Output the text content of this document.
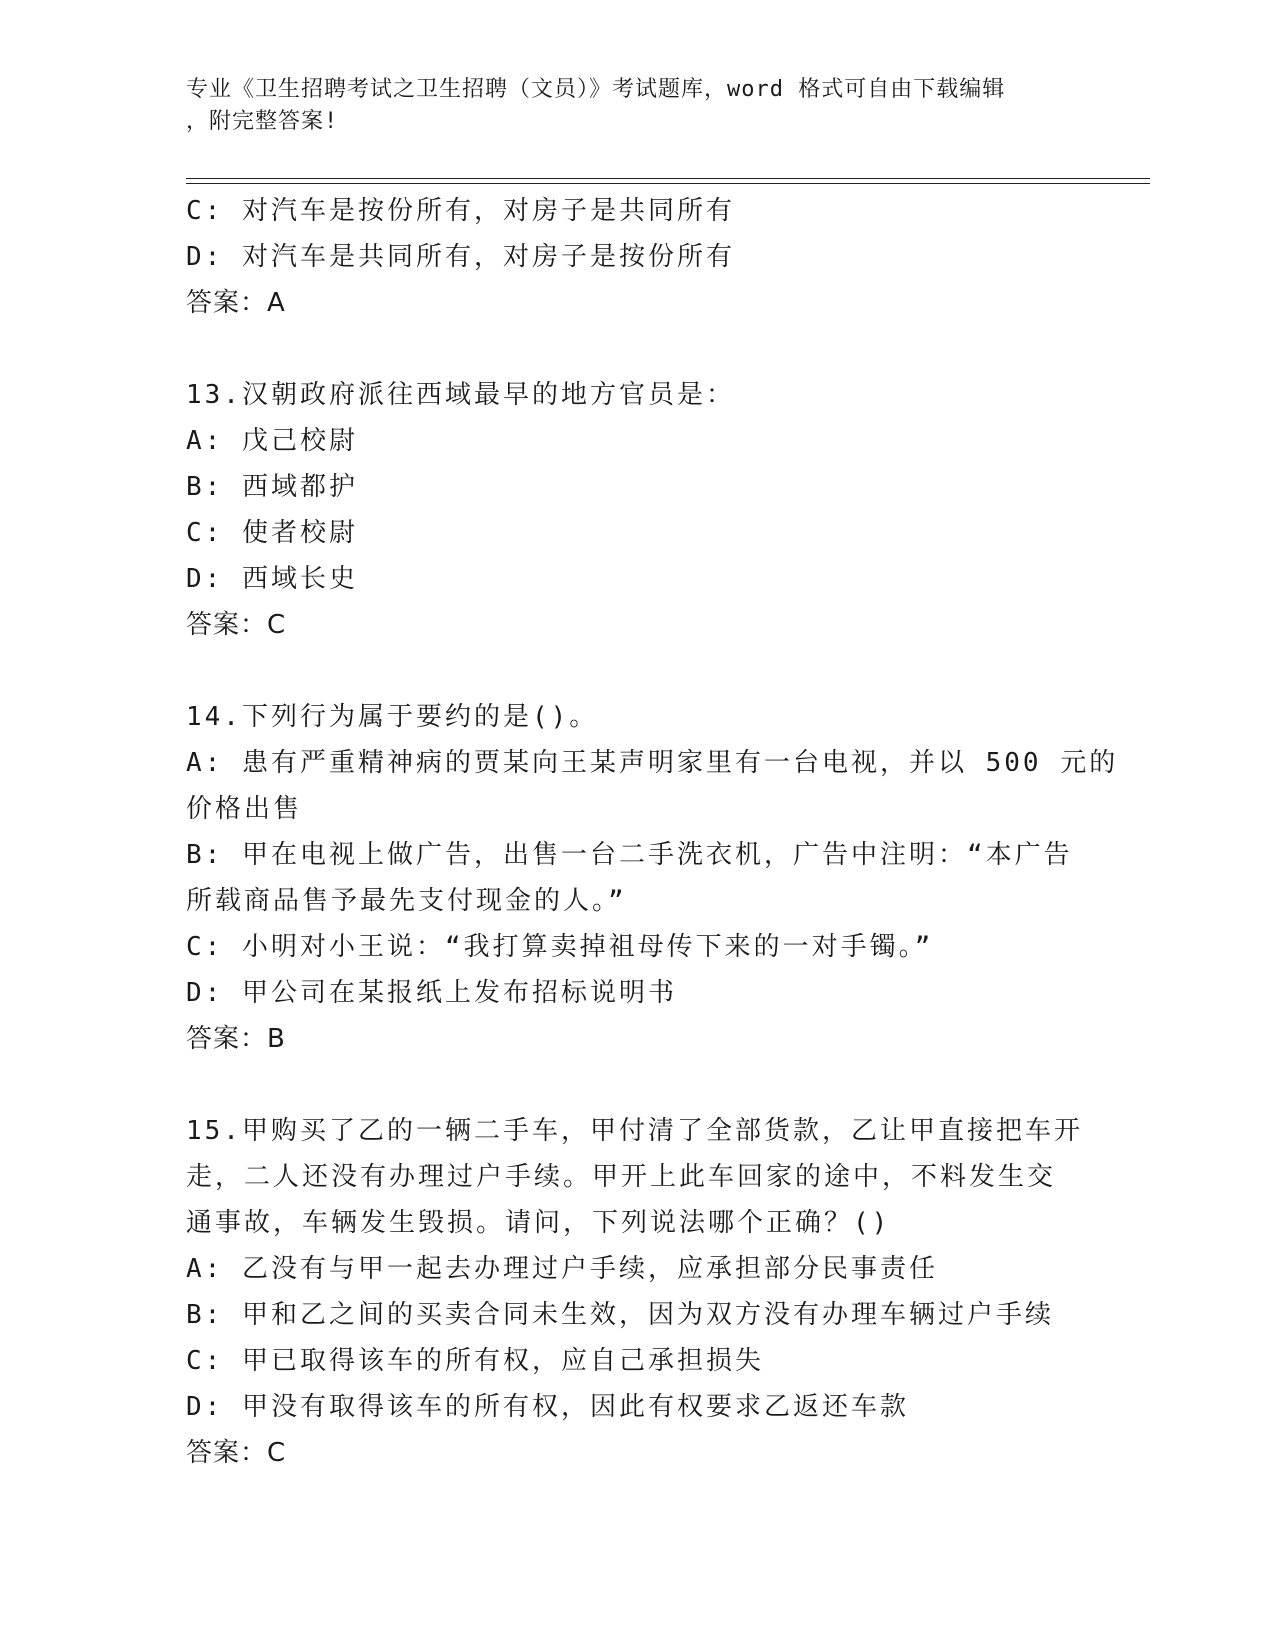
专业《卫生招聘考试之卫生招聘（文员）》考试题库，word 格式可自由下载编辑
，附完整答案!
C: 对汽车是按份所有，对房子是共同所有
D: 对汽车是共同所有，对房子是按份所有
答案：A
13.汉朝政府派往西域最早的地方官员是：
A: 戊己校尉
B: 西域都护
C: 使者校尉
D: 西域长史
答案：C
14.下列行为属于要约的是()。
A: 患有严重精神病的贾某向王某声明家里有一台电视，并以 500 元的
价格出售
B: 甲在电视上做广告，出售一台二手洗衣机，广告中注明：“本广告
所载商品售予最先支付现金的人。”
C: 小明对小王说：“我打算卖掉祖母传下来的一对手镯。”
D: 甲公司在某报纸上发布招标说明书
答案：B
15.甲购买了乙的一辆二手车，甲付清了全部货款，乙让甲直接把车开
走，二人还没有办理过户手续。甲开上此车回家的途中，不料发生交
通事故，车辆发生毁损。请问，下列说法哪个正确？()
A: 乙没有与甲一起去办理过户手续，应承担部分民事责任
B: 甲和乙之间的买卖合同未生效，因为双方没有办理车辆过户手续
C: 甲已取得该车的所有权，应自己承担损失
D: 甲没有取得该车的所有权，因此有权要求乙返还车款
答案：C
